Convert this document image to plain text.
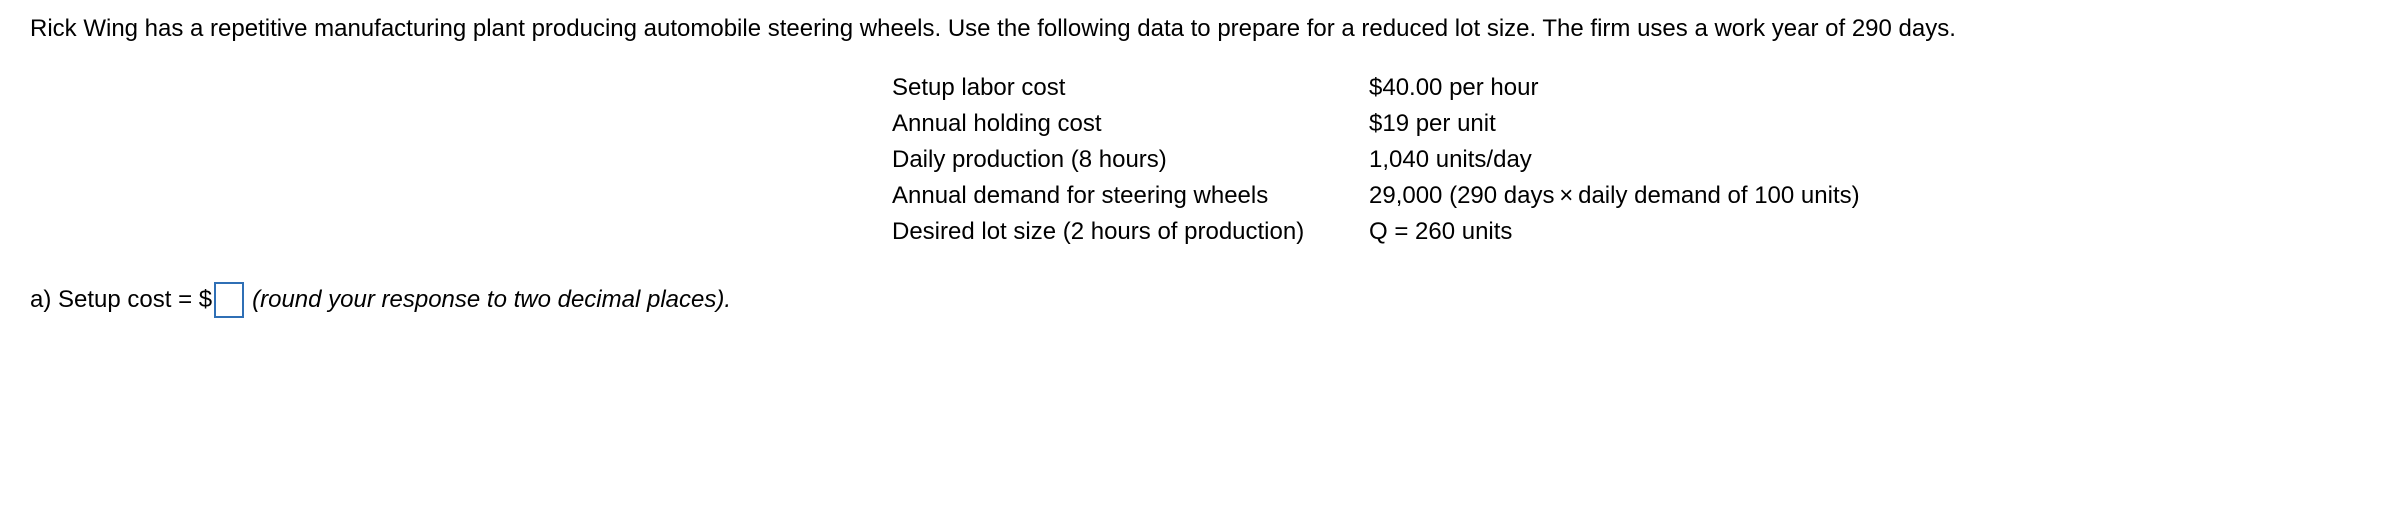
Rick Wing has a repetitive manufacturing plant producing automobile steering wheels. Use the following data to prepare for a reduced lot size. The firm uses a work year of 290 days.

Setup labor cost	$40.00 per hour
Annual holding cost	$19 per unit
Daily production (8 hours)	1,040 units/day
Annual demand for steering wheels	29,000 (290 days × daily demand of 100 units)
Desired lot size (2 hours of production)	Q = 260 units
a) Setup cost = $ (round your response to two decimal places).
